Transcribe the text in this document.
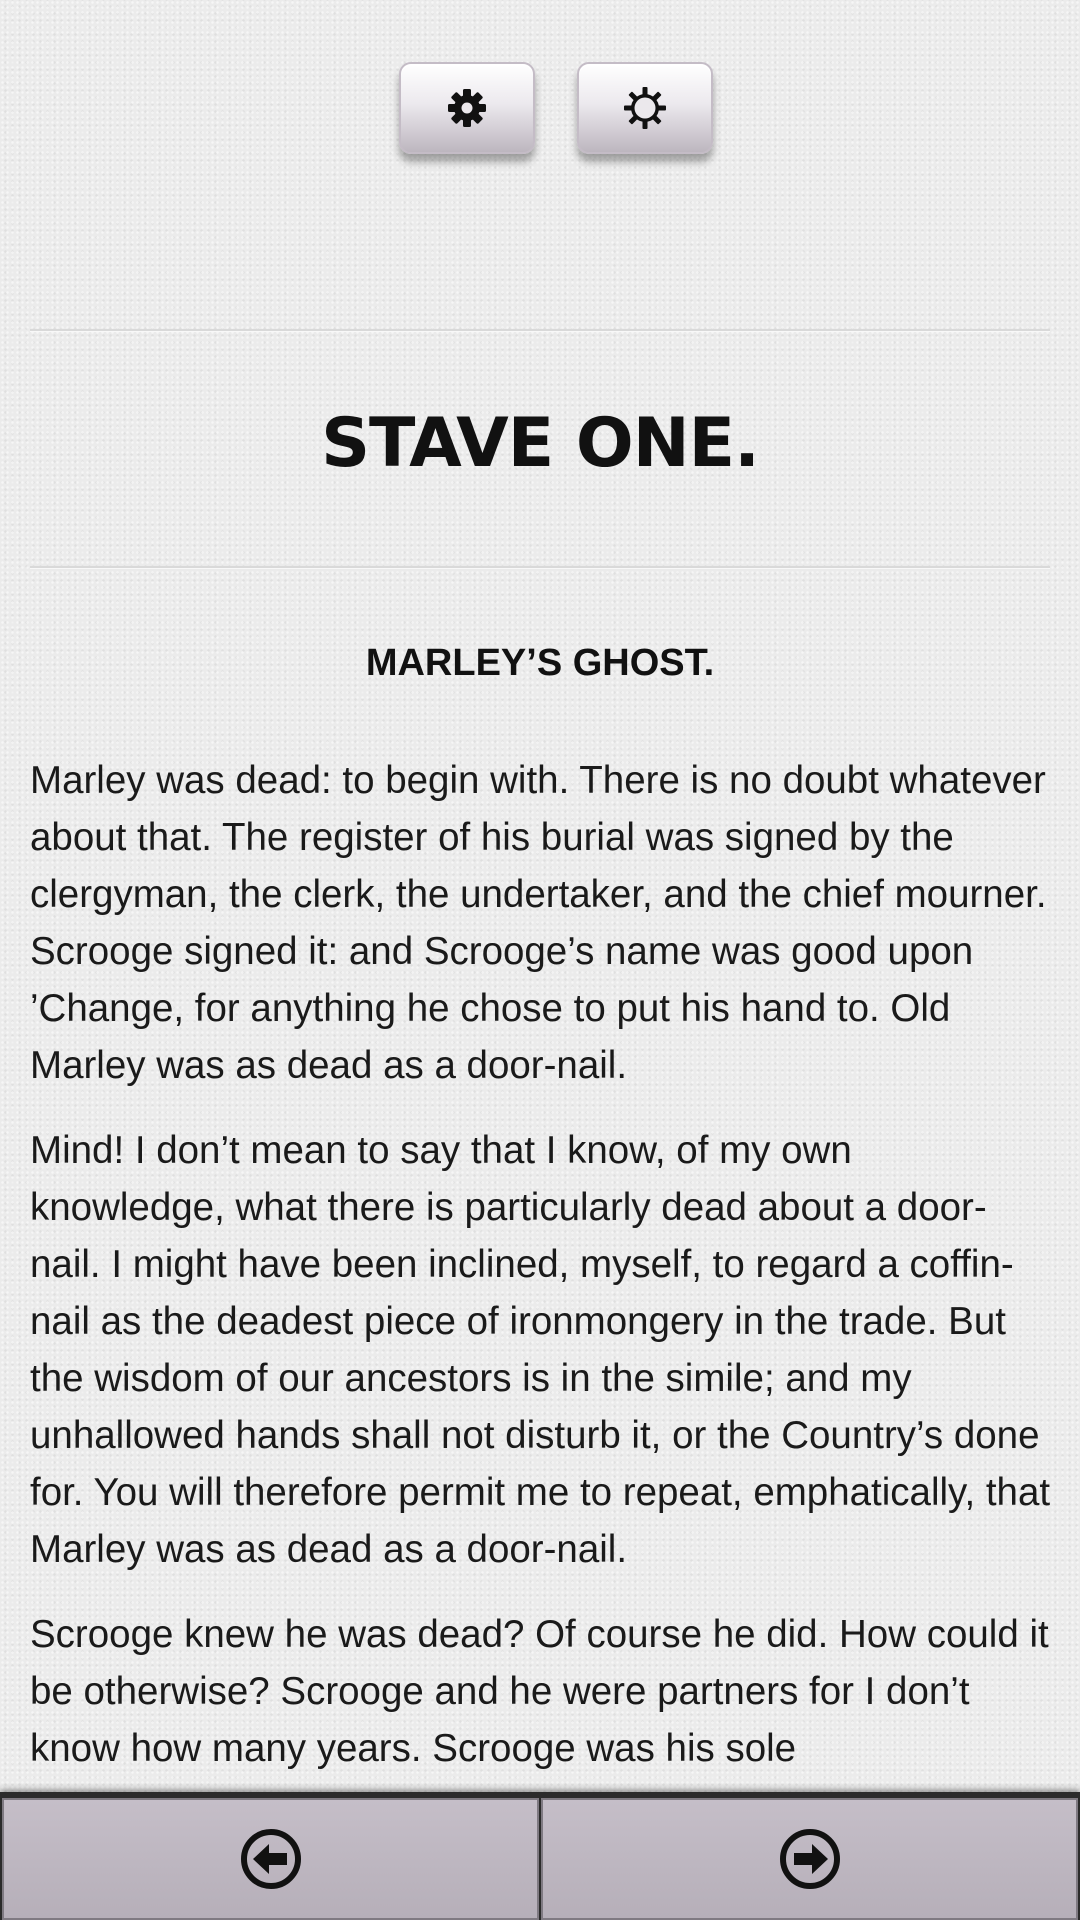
STAVE ONE.
MARLEY’S GHOST.

Marley was dead: to begin with. There is no doubt whatever about that. The register of his burial was signed by the clergyman, the clerk, the undertaker, and the chief mourner. Scrooge signed it: and Scrooge’s name was good upon ’Change, for anything he chose to put his hand to. Old Marley was as dead as a door-nail.

Mind! I don’t mean to say that I know, of my own knowledge, what there is particularly dead about a door-nail. I might have been inclined, myself, to regard a coffin-nail as the deadest piece of ironmongery in the trade. But the wisdom of our ancestors is in the simile; and my unhallowed hands shall not disturb it, or the Country’s done for. You will therefore permit me to repeat, emphatically, that Marley was as dead as a door-nail.

Scrooge knew he was dead? Of course he did. How could it be otherwise? Scrooge and he were partners for I don’t know how many years. Scrooge was his sole
